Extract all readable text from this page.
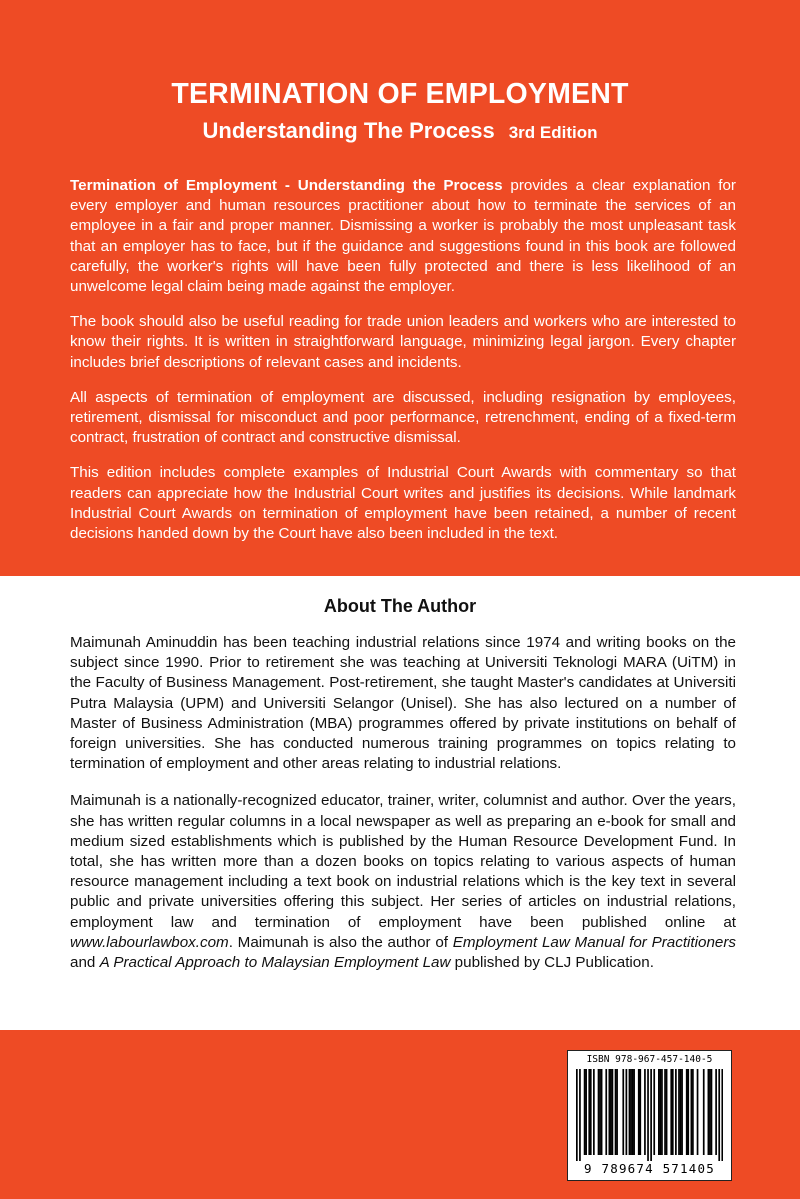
TERMINATION OF EMPLOYMENT
Understanding The Process 3rd Edition

Termination of Employment - Understanding the Process provides a clear explanation for every employer and human resources practitioner about how to terminate the services of an employee in a fair and proper manner. Dismissing a worker is probably the most unpleasant task that an employer has to face, but if the guidance and suggestions found in this book are followed carefully, the worker's rights will have been fully protected and there is less likelihood of an unwelcome legal claim being made against the employer.

The book should also be useful reading for trade union leaders and workers who are interested to know their rights. It is written in straightforward language, minimizing legal jargon. Every chapter includes brief descriptions of relevant cases and incidents.

All aspects of termination of employment are discussed, including resignation by employees, retirement, dismissal for misconduct and poor performance, retrenchment, ending of a fixed-term contract, frustration of contract and constructive dismissal.

This edition includes complete examples of Industrial Court Awards with commentary so that readers can appreciate how the Industrial Court writes and justifies its decisions. While landmark Industrial Court Awards on termination of employment have been retained, a number of recent decisions handed down by the Court have also been included in the text.

About The Author

Maimunah Aminuddin has been teaching industrial relations since 1974 and writing books on the subject since 1990. Prior to retirement she was teaching at Universiti Teknologi MARA (UiTM) in the Faculty of Business Management. Post-retirement, she taught Master's candidates at Universiti Putra Malaysia (UPM) and Universiti Selangor (Unisel). She has also lectured on a number of Master of Business Administration (MBA) programmes offered by private institutions on behalf of foreign universities. She has conducted numerous training programmes on topics relating to termination of employment and other areas relating to industrial relations.

Maimunah is a nationally-recognized educator, trainer, writer, columnist and author. Over the years, she has written regular columns in a local newspaper as well as preparing an e-book for small and medium sized establishments which is published by the Human Resource Development Fund. In total, she has written more than a dozen books on topics relating to various aspects of human resource management including a text book on industrial relations which is the key text in several public and private universities offering this subject. Her series of articles on industrial relations, employment law and termination of employment have been published online at www.labourlawbox.com. Maimunah is also the author of Employment Law Manual for Practitioners and A Practical Approach to Malaysian Employment Law published by CLJ Publication.

ISBN 978-967-457-140-5
9 789674 571405
